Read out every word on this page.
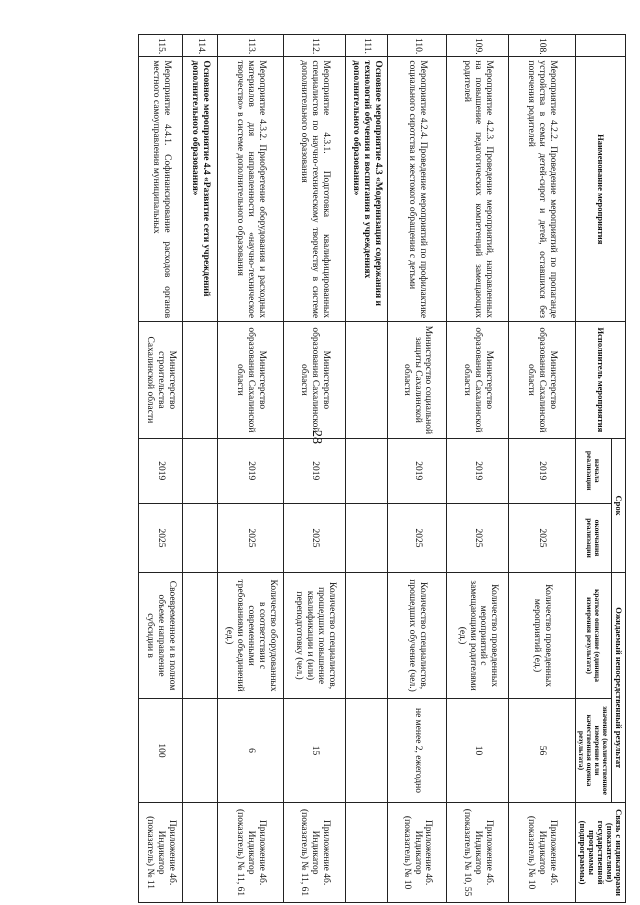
28
	Наименование мероприятия	Исполнитель мероприятия	Срок		Ожидаемый непосредственный результат		Связь с индикаторами (показателями) государственной программы (подпрограммы)
			начала реализации	окончания реализации	краткое описание (единица измерения результата)	значение (количественное измерение или качественная оценка результата)	
108.	Мероприятие 4.2.2. Проведение мероприятий по пропаганде устройства в семьи детей-сирот и детей, оставшихся без попечения родителей	Министерство образования Сахалинской области	2019	2025	Количество проведенных мероприятий (ед.)	56	Приложение 4б. Индикатор (показатель) № 10
109.	Мероприятие 4.2.3. Проведение мероприятий, направленных на повышение педагогических компетенций замещающих родителей	Министерство образования Сахалинской области	2019	2025	Количество проведенных мероприятий с замещающими родителями (ед.)	10	Приложение 4б. Индикатор (показатель) № 10, 55
110.	Мероприятие 4.2.4. Проведение мероприятий по профилактике социального сиротства и жестокого обращения с детьми	Министерство социальной защиты Сахалинской области	2019	2025	Количество специалистов, прошедших обучение (чел.)	не менее 2, ежегодно	Приложение 4б. Индикатор (показатель) № 10
111.	Основное мероприятие 4.3 «Модернизация содержания и технологий обучения и воспитания в учреждениях дополнительного образования»						
112.	Мероприятие 4.3.1. Подготовка квалифицированных специалистов по научно-техническому творчеству в системе дополнительного образования	Министерство образования Сахалинской области	2019	2025	Количество специалистов, прошедших повышение квалификации и (или) переподготовку (чел.)	15	Приложение 4б. Индикатор (показатель) № 11, 61
113.	Мероприятие 4.3.2. Приобретение оборудования и расходных материалов для направленности «научно-техническое творчество» в системе дополнительного образования	Министерство образования Сахалинской области	2019	2025	Количество оборудованных в соответствии с современными требованиями объединений (ед.)	6	Приложение 4б. Индикатор (показатель) № 11, 61
114.	Основное мероприятие 4.4 «Развитие сети учреждений дополнительного образования»						
115.	Мероприятие 4.4.1. Софинансирование расходов органов местного самоуправления муниципальных	Министерство строительства Сахалинской области	2019	2025	Своевременное и в полном объеме направление субсидии в	100	Приложение 4б. Индикатор (показатель) № 11
